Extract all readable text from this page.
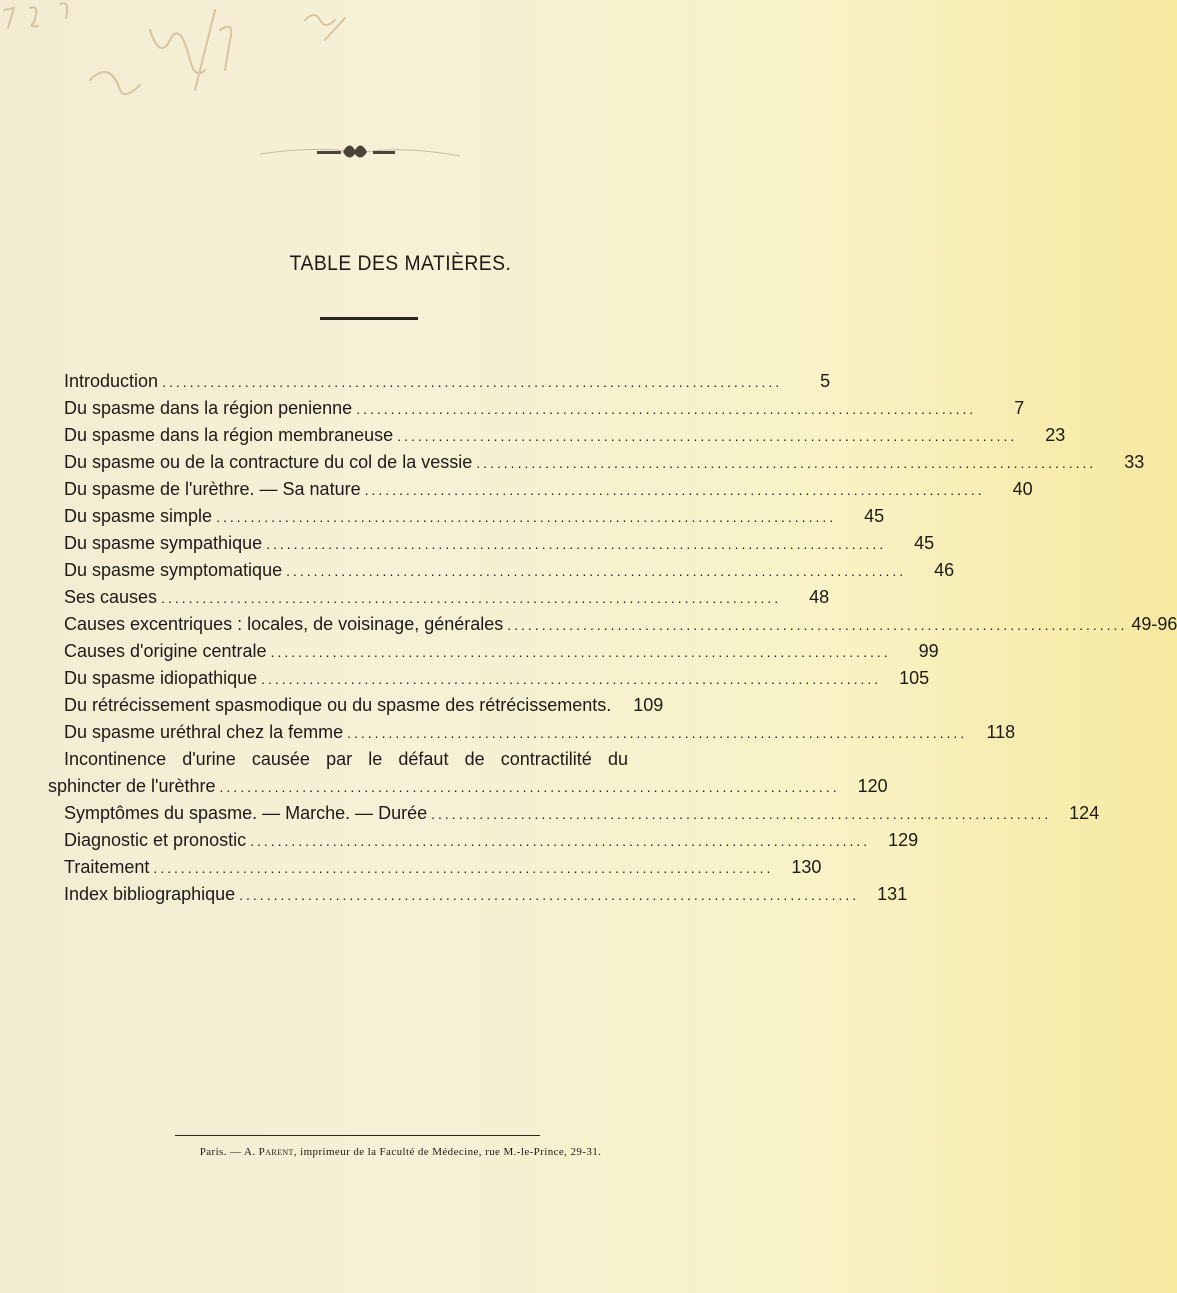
TABLE DES MATIÈRES.
Introduction ..........................................................................................	5
Du spasme dans la région penienne ..........................................................................................	7
Du spasme dans la région membraneuse ..........................................................................................	23
Du spasme ou de la contracture du col de la vessie ..........................................................................................	33
Du spasme de l'urèthre. — Sa nature ..........................................................................................	40
Du spasme simple ..........................................................................................	45
Du spasme sympathique ..........................................................................................	45
Du spasme symptomatique ..........................................................................................	46
Ses causes ..........................................................................................	48
Causes excentriques : locales, de voisinage, générales .......................................................................................... 49-96
Causes d'origine centrale ..........................................................................................	99
Du spasme idiopathique .......................................................................................... 105
Du rétrécissement spasmodique ou du spasme des rétrécissements.	109
Du spasme uréthral chez la femme ..........................................................................................	118
Incontinence d'urine causée par le défaut de contractilité du
sphincter de l'urèthre .......................................................................................... 120
Symptômes du spasme. — Marche. — Durée .......................................................................................... 124
Diagnostic et pronostic .......................................................................................... 129
Traitement .......................................................................................... 130
Index bibliographique .......................................................................................... 131
Paris. — A. Parent, imprimeur de la Faculté de Médecine, rue M.-le-Prince, 29-31.
